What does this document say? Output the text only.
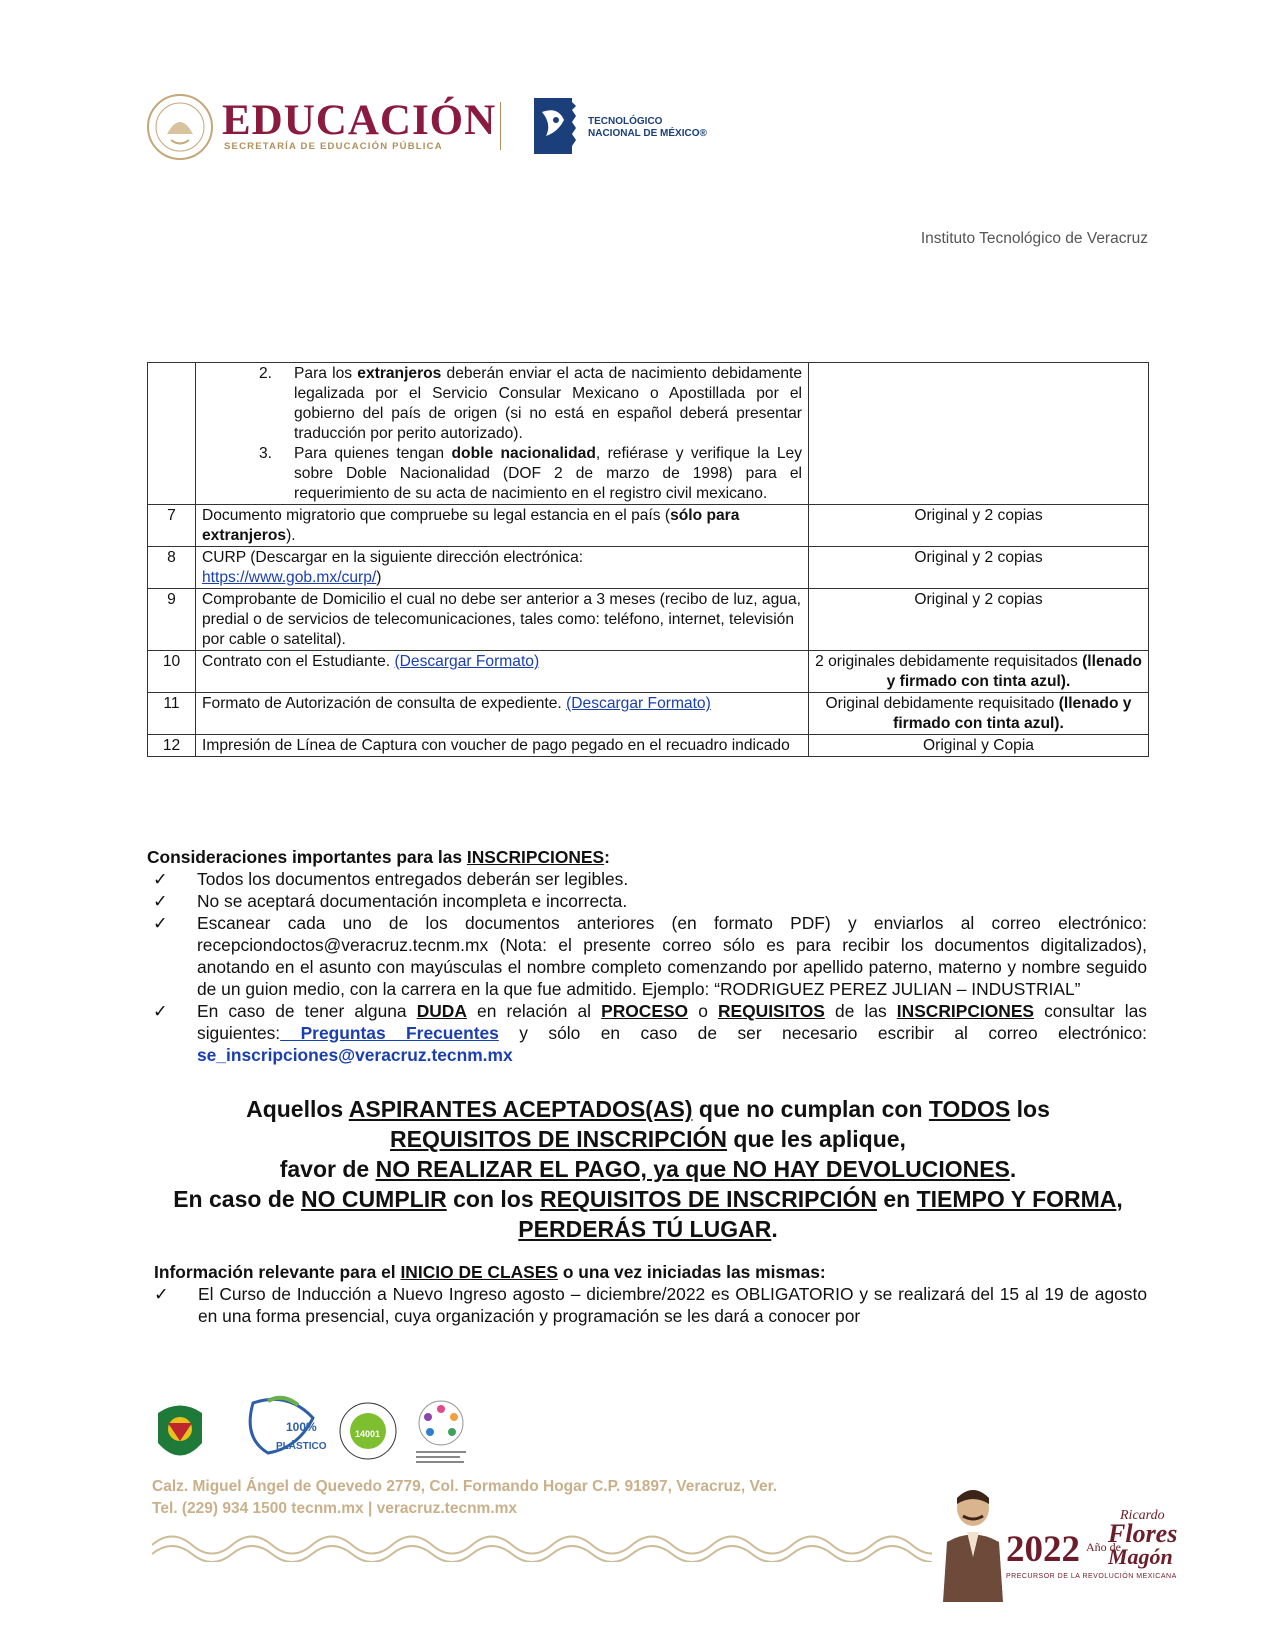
EDUCACIÓN
SECRETARÍA DE EDUCACIÓN PÚBLICA
TECNOLÓGICO
NACIONAL DE MÉXICO®
Instituto Tecnológico de Veracruz

	2. Para los extranjeros deberán enviar el acta de nacimiento debidamente legalizada por el Servicio Consular Mexicano o Apostillada por el gobierno del país de origen (si no está en español deberá presentar traducción por perito autorizado).
3. Para quienes tengan doble nacionalidad, refiérase y verifique la Ley sobre Doble Nacionalidad (DOF 2 de marzo de 1998) para el requerimiento de su acta de nacimiento en el registro civil mexicano.	

7	Documento migratorio que compruebe su legal estancia en el país (sólo para extranjeros).	Original y 2 copias
8	CURP (Descargar en la siguiente dirección electrónica:
https://www.gob.mx/curp/)	Original y 2 copias
9	Comprobante de Domicilio el cual no debe ser anterior a 3 meses (recibo de luz, agua, predial o de servicios de telecomunicaciones, tales como: teléfono, internet, televisión por cable o satelital).	Original y 2 copias
10	Contrato con el Estudiante. (Descargar Formato)	2 originales debidamente requisitados (llenado y firmado con tinta azul).
11	Formato de Autorización de consulta de expediente. (Descargar Formato)	Original debidamente requisitado (llenado y firmado con tinta azul).
12	Impresión de Línea de Captura con voucher de pago pegado en el recuadro indicado	Original y Copia
Consideraciones importantes para las INSCRIPCIONES:
✓	Todos los documentos entregados deberán ser legibles.
✓	No se aceptará documentación incompleta e incorrecta.
✓	Escanear cada uno de los documentos anteriores (en formato PDF) y enviarlos al correo electrónico: recepciondoctos@veracruz.tecnm.mx (Nota: el presente correo sólo es para recibir los documentos digitalizados), anotando en el asunto con mayúsculas el nombre completo comenzando por apellido paterno, materno y nombre seguido de un guion medio, con la carrera en la que fue admitido. Ejemplo: “RODRIGUEZ PEREZ JULIAN – INDUSTRIAL”
✓	En caso de tener alguna DUDA en relación al PROCESO o REQUISITOS de las INSCRIPCIONES consultar las siguientes: Preguntas Frecuentes y sólo en caso de ser necesario escribir al correo electrónico: se_inscripciones@veracruz.tecnm.mx
Aquellos ASPIRANTES ACEPTADOS(AS) que no cumplan con TODOS los
REQUISITOS DE INSCRIPCIÓN que les aplique,
favor de NO REALIZAR EL PAGO, ya que NO HAY DEVOLUCIONES.
En caso de NO CUMPLIR con los REQUISITOS DE INSCRIPCIÓN en TIEMPO Y FORMA, PERDERÁS TÚ LUGAR.
Información relevante para el INICIO DE CLASES o una vez iniciadas las mismas:
✓	El Curso de Inducción a Nuevo Ingreso agosto – diciembre/2022 es OBLIGATORIO y se realizará del 15 al 19 de agosto en una forma presencial, cuya organización y programación se les dará a conocer por
100%
PLÁSTICO
14001
Calz. Miguel Ángel de Quevedo 2779, Col. Formando Hogar C.P. 91897, Veracruz, Ver.
Tel. (229) 934 1500 tecnm.mx | veracruz.tecnm.mx
2022 Año de
Ricardo
Flores
Magón
PRECURSOR DE LA REVOLUCIÓN MEXICANA
